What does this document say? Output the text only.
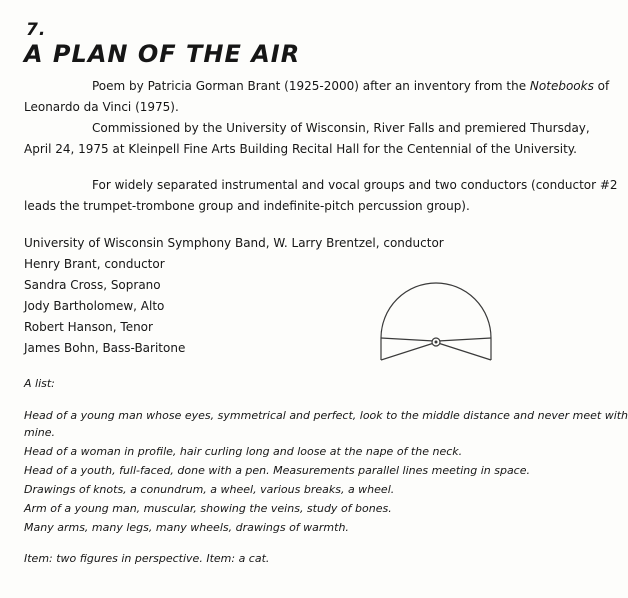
7.
A PLAN OF THE AIR
Poem by Patricia Gorman Brant (1925-2000) after an inventory from the Notebooks of
Leonardo da Vinci (1975).
Commissioned by the University of Wisconsin, River Falls and premiered Thursday,
April 24, 1975 at Kleinpell Fine Arts Building Recital Hall for the Centennial of the University.
For widely separated instrumental and vocal groups and two conductors (conductor #2
leads the trumpet-trombone group and indefinite-pitch percussion group).
University of Wisconsin Symphony Band, W. Larry Brentzel, conductor
Henry Brant, conductor
Sandra Cross, Soprano
Jody Bartholomew, Alto
Robert Hanson, Tenor
James Bohn, Bass-Baritone
A list:
Head of a young man whose eyes, symmetrical and perfect, look to the middle distance and never meet with
mine.
Head of a woman in profile, hair curling long and loose at the nape of the neck.
Head of a youth, full-faced, done with a pen. Measurements parallel lines meeting in space.
Drawings of knots, a conundrum, a wheel, various breaks, a wheel.
Arm of a young man, muscular, showing the veins, study of bones.
Many arms, many legs, many wheels, drawings of warmth.
Item: two figures in perspective. Item: a cat.
